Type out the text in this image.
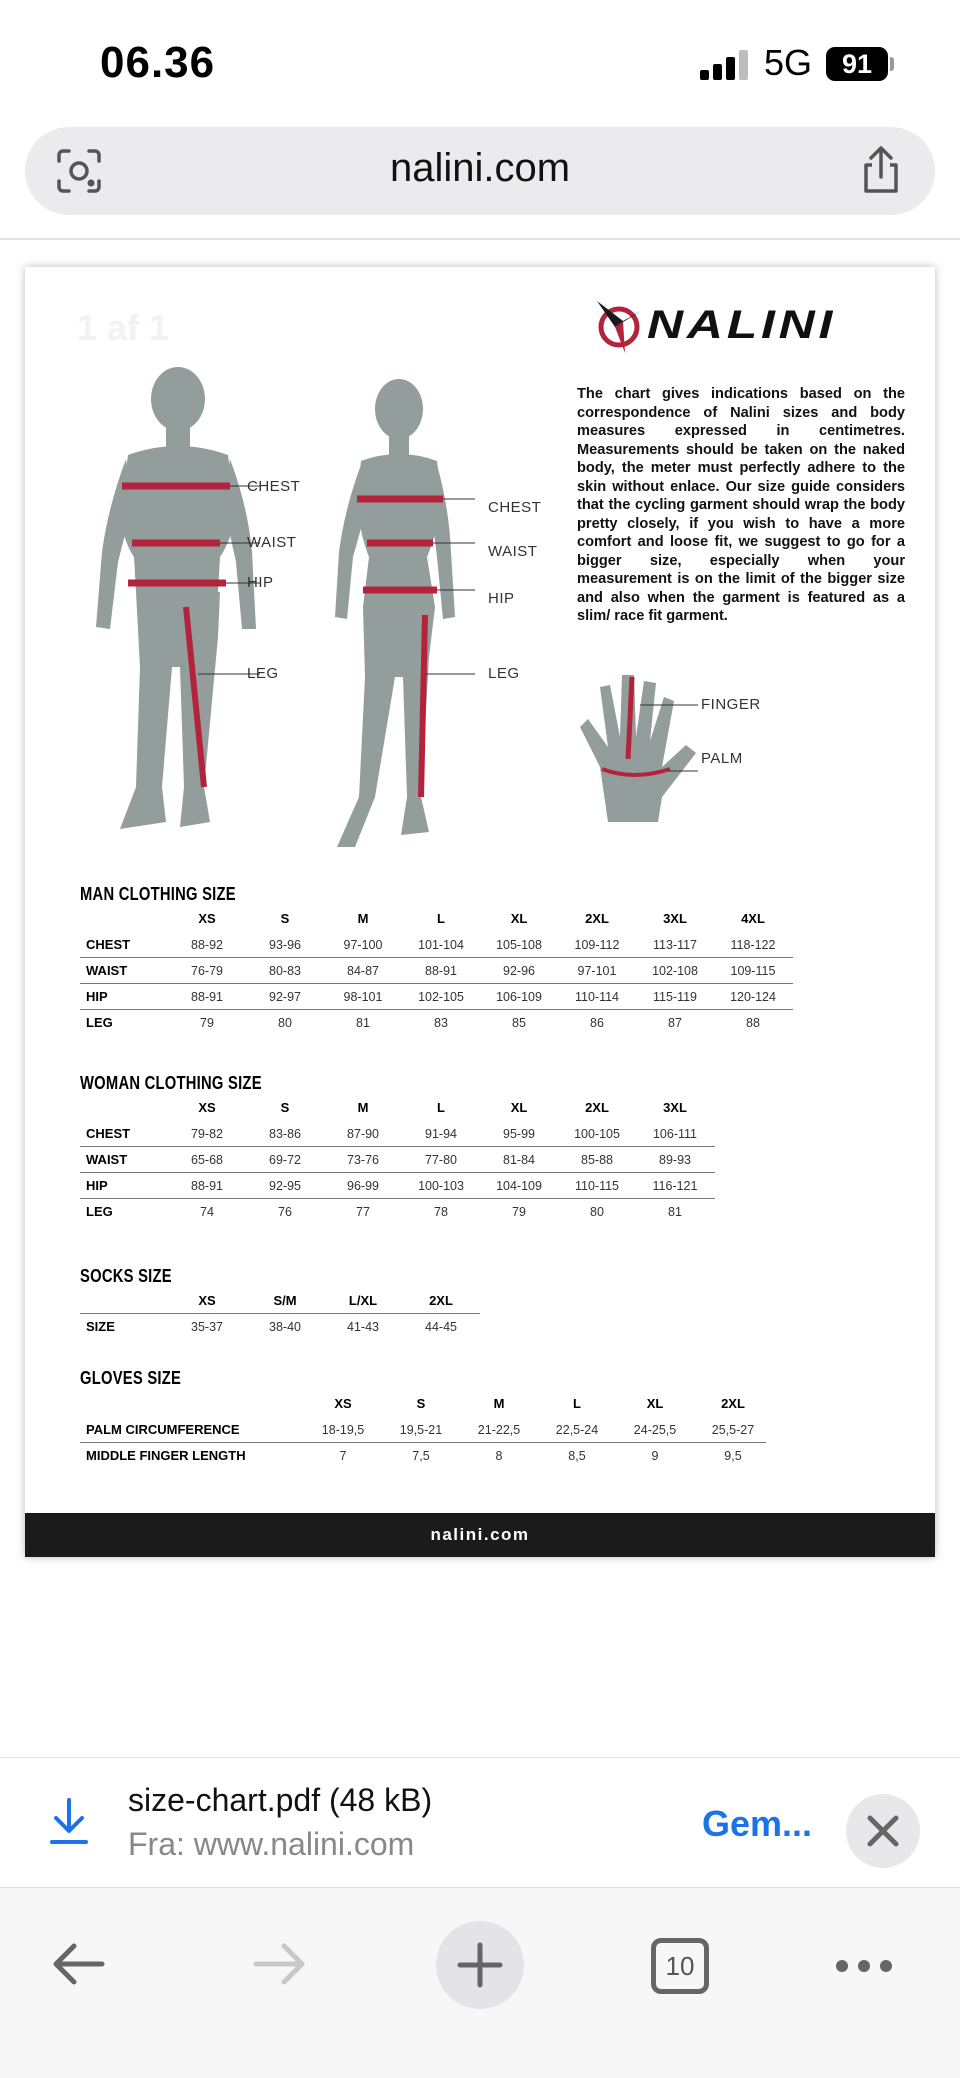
06.36	5G	91
nalini.com
1 af 1	NALINI
The chart gives indications based on the correspondence of Nalini sizes and body measures expressed in centimetres. Measurements should be taken on the naked body, the meter must perfectly adhere to the skin without enlace. Our size guide considers that the cycling garment should wrap the body pretty closely, if you wish to have a more comfort and loose fit, we suggest to go for a bigger size, especially when your measurement is on the limit of the bigger size and also when the garment is featured as a slim/ race fit garment.
CHEST
WAIST
HIP
LEG
CHEST
WAIST
HIP
LEG
FINGER
PALM
MAN CLOTHING SIZE
XS	S	M	L	XL	2XL	3XL	4XL
CHEST	88-92	93-96	97-100	101-104	105-108	109-112	113-117	118-122
WAIST	76-79	80-83	84-87	88-91	92-96	97-101	102-108	109-115
HIP	88-91	92-97	98-101	102-105	106-109	110-114	115-119	120-124
LEG	79	80	81	83	85	86	87	88
WOMAN CLOTHING SIZE
XS	S	M	L	XL	2XL	3XL
CHEST	79-82	83-86	87-90	91-94	95-99	100-105	106-111
WAIST	65-68	69-72	73-76	77-80	81-84	85-88	89-93
HIP	88-91	92-95	96-99	100-103	104-109	110-115	116-121
LEG	74	76	77	78	79	80	81
SOCKS SIZE
XS	S/M	L/XL	2XL
SIZE	35-37	38-40	41-43	44-45
GLOVES SIZE
XS	S	M	L	XL	2XL
PALM CIRCUMFERENCE	18-19,5	19,5-21	21-22,5	22,5-24	24-25,5	25,5-27
MIDDLE FINGER LENGTH	7	7,5	8	8,5	9	9,5
nalini.com
size-chart.pdf (48 kB)
Fra: www.nalini.com	Gem...
10
